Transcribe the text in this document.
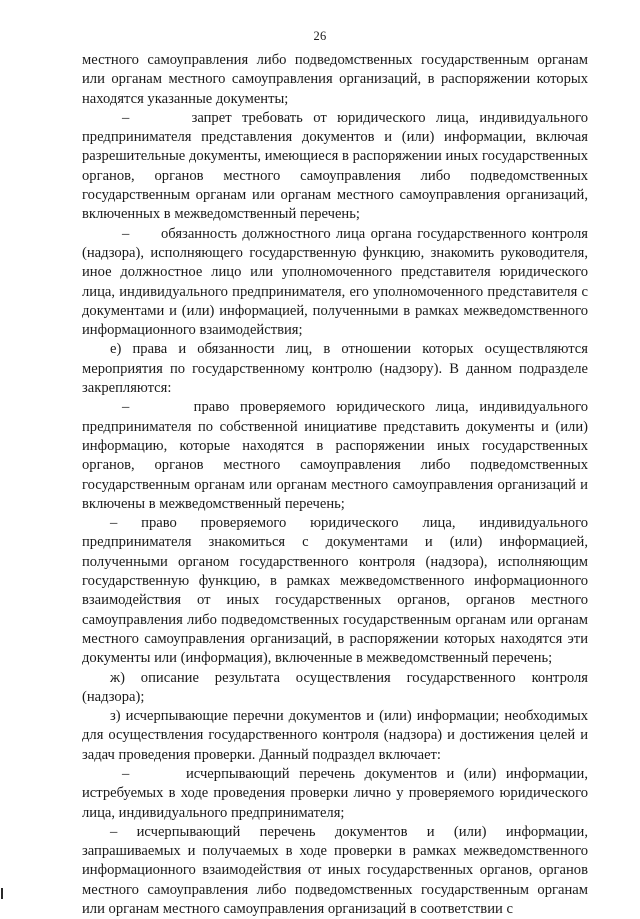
26

местного самоуправления либо подведомственных государственным органам или органам местного самоуправления организаций, в распоряжении которых находятся указанные документы;

–      запрет требовать от юридического лица, индивидуального предпринимателя представления документов и (или) информации, включая разрешительные документы, имеющиеся в распоряжении иных государственных органов, органов местного самоуправления либо подведомственных государственным органам или органам местного самоуправления организаций, включенных в межведомственный перечень;

–      обязанность должностного лица органа государственного контроля (надзора), исполняющего государственную функцию, знакомить руководителя, иное должностное лицо или уполномоченного представителя юридического лица, индивидуального предпринимателя, его уполномоченного представителя с документами и (или) информацией, полученными в рамках межведомственного информационного взаимодействия;

е) права и обязанности лиц, в отношении которых осуществляются мероприятия по государственному контролю (надзору). В данном подразделе закрепляются:

–      право проверяемого юридического лица, индивидуального предпринимателя по собственной инициативе представить документы и (или) информацию, которые находятся в распоряжении иных государственных органов, органов местного самоуправления либо подведомственных государственным органам или органам местного самоуправления организаций и включены в межведомственный перечень;

– право проверяемого юридического лица, индивидуального предпринимателя знакомиться с документами и (или) информацией, полученными органом государственного контроля (надзора), исполняющим государственную функцию, в рамках межведомственного информационного взаимодействия от иных государственных органов, органов местного самоуправления либо подведомственных государственным органам или органам местного самоуправления организаций, в распоряжении которых находятся эти документы или (информация), включенные в межведомственный перечень;

ж) описание результата осуществления государственного контроля (надзора);

з) исчерпывающие перечни документов и (или) информации; необходимых для осуществления государственного контроля (надзора) и достижения целей и задач проведения проверки. Данный подраздел включает:

–      исчерпывающий перечень документов и (или) информации, истребуемых в ходе проведения проверки лично у проверяемого юридического лица, индивидуального предпринимателя;

– исчерпывающий перечень документов и (или) информации, запрашиваемых и получаемых в ходе проверки в рамках межведомственного информационного взаимодействия от иных государственных органов, органов местного самоуправления либо подведомственных государственным органам или органам местного самоуправления организаций в соответствии с
